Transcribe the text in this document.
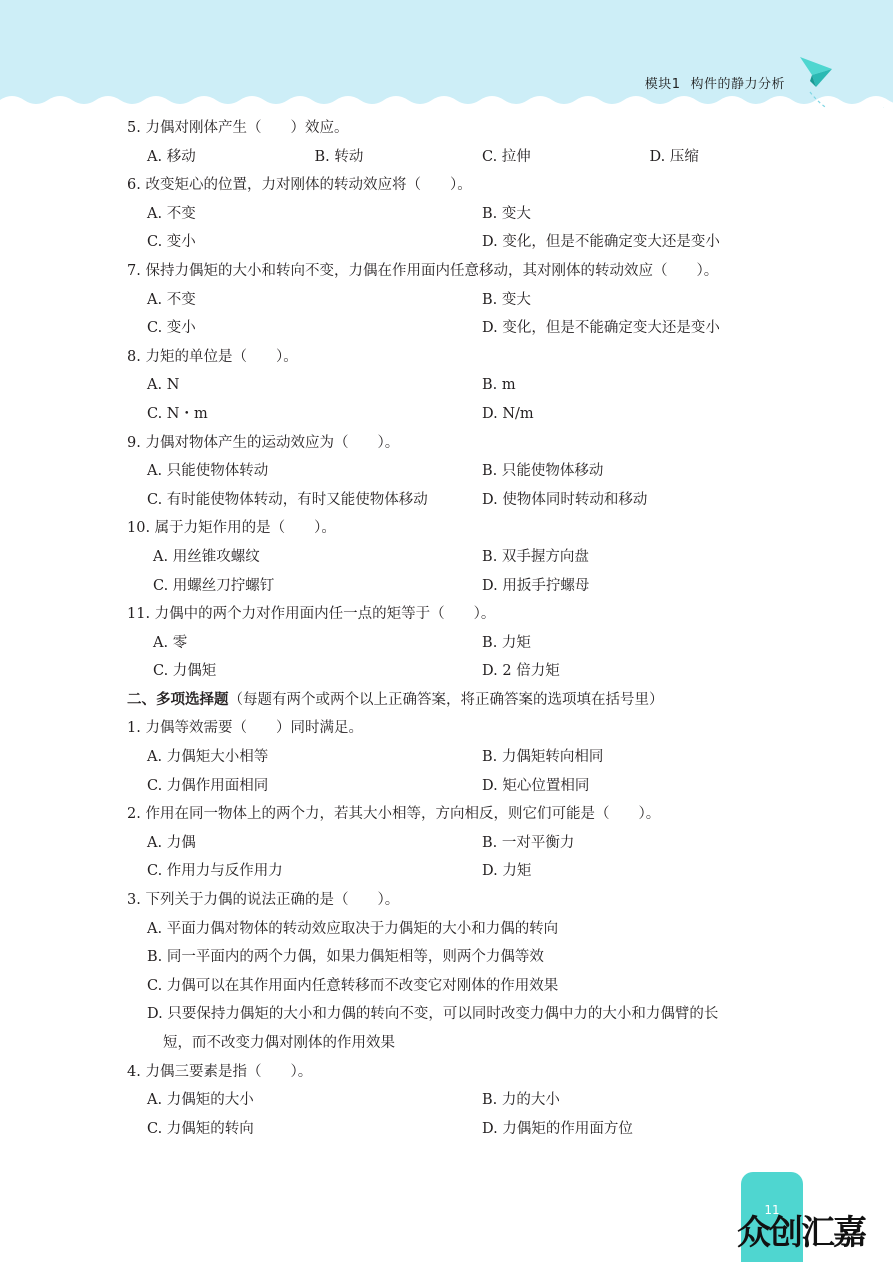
模块1 构件的静力分析
5. 力偶对刚体产生（　　）效应。
A. 移动	B. 转动	C. 拉伸	D. 压缩
6. 改变矩心的位置，力对刚体的转动效应将（　　）。
A. 不变	B. 变大
C. 变小	D. 变化，但是不能确定变大还是变小
7. 保持力偶矩的大小和转向不变，力偶在作用面内任意移动，其对刚体的转动效应（　　）。
A. 不变	B. 变大
C. 变小	D. 变化，但是不能确定变大还是变小
8. 力矩的单位是（　　）。
A. N	B. m
C. N・m	D. N/m
9. 力偶对物体产生的运动效应为（　　）。
A. 只能使物体转动	B. 只能使物体移动
C. 有时能使物体转动，有时又能使物体移动	D. 使物体同时转动和移动
10. 属于力矩作用的是（　　）。
A. 用丝锥攻螺纹	B. 双手握方向盘
C. 用螺丝刀拧螺钉	D. 用扳手拧螺母
11. 力偶中的两个力对作用面内任一点的矩等于（　　）。
A. 零	B. 力矩
C. 力偶矩	D. 2 倍力矩
二、多项选择题（每题有两个或两个以上正确答案，将正确答案的选项填在括号里）
1. 力偶等效需要（　　）同时满足。
A. 力偶矩大小相等	B. 力偶矩转向相同
C. 力偶作用面相同	D. 矩心位置相同
2. 作用在同一物体上的两个力，若其大小相等，方向相反，则它们可能是（　　）。
A. 力偶	B. 一对平衡力
C. 作用力与反作用力	D. 力矩
3. 下列关于力偶的说法正确的是（　　）。
A. 平面力偶对物体的转动效应取决于力偶矩的大小和力偶的转向
B. 同一平面内的两个力偶，如果力偶矩相等，则两个力偶等效
C. 力偶可以在其作用面内任意转移而不改变它对刚体的作用效果
D. 只要保持力偶矩的大小和力偶的转向不变，可以同时改变力偶中力的大小和力偶臂的长
短，而不改变力偶对刚体的作用效果
4. 力偶三要素是指（　　）。
A. 力偶矩的大小	B. 力的大小
C. 力偶矩的转向	D. 力偶矩的作用面方位
11
众创汇嘉
